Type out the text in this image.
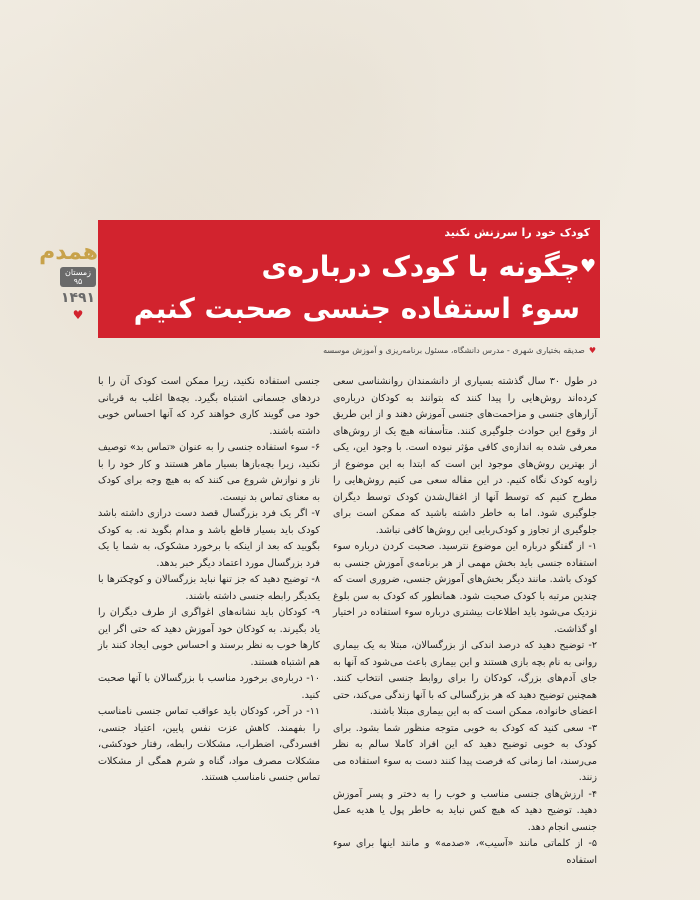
همدم
زمستان ۹۵
۱۴۹۱
♥
کودک خود را سرزنش نکنید
♥
چگونه با کودک درباره‌ی
سوء استفاده جنسی صحبت کنیم
♥صدیقه بختیاری شهری - مدرس دانشگاه، مسئول برنامه‌ریزی و آموزش موسسه

در طول ۳۰ سال گذشته بسیاری از دانشمندان روانشناسی سعی کرده‌اند روش‌هایی را پیدا کنند که بتوانند به کودکان درباره‌ی آزارهای جنسی و مزاحمت‌های جنسی آموزش دهند و از این طریق از وقوع این حوادث جلوگیری کنند. متأسفانه هیچ یک از روش‌های معرفی شده به اندازه‌ی کافی مؤثر نبوده است. با وجود این، یکی از بهترین روش‌های موجود این است که ابتدا به این موضوع از زاویه کودک نگاه کنیم. در این مقاله سعی می کنیم روش‌هایی را مطرح کنیم که توسط آنها از اغفال‌شدن کودک توسط دیگران جلوگیری شود. اما به خاطر داشته باشید که ممکن است برای جلوگیری از تجاوز و کودک‌ربایی این روش‌ها کافی نباشد.

۱- از گفتگو درباره این موضوع نترسید. صحبت کردن درباره سوء استفاده جنسی باید بخش مهمی از هر برنامه‌ی آموزش جنسی به کودک باشد. مانند دیگر بخش‌های آموزش جنسی، ضروری است که چندین مرتبه با کودک صحبت شود. همانطور که کودک به سن بلوغ نزدیک می‌شود باید اطلاعات بیشتری درباره سوء استفاده در اختیار او گذاشت.

۲- توضیح دهید که درصد اندکی از بزرگسالان، مبتلا به یک بیماری روانی به نام بچه بازی هستند و این بیماری باعث می‌شود که آنها به جای آدم‌های بزرگ، کودکان را برای روابط جنسی انتخاب کنند. همچنین توضیح دهید که هر بزرگسالی که با آنها زندگی می‌کند، حتی اعضای خانواده، ممکن است که به این بیماری مبتلا باشند.

۳- سعی کنید که کودک به خوبی متوجه منظور شما بشود. برای کودک به خوبی توضیح دهید که این افراد کاملا سالم به نظر می‌رسند، اما زمانی که فرصت پیدا کنند دست به سوء استفاده می زنند.

۴- ارزش‌های جنسی مناسب و خوب را به دختر و پسر آموزش دهید. توضیح دهید که هیچ کس نباید به خاطر پول یا هدیه عمل جنسی انجام دهد.

۵- از کلماتی مانند «آسیب»، «صدمه» و مانند اینها برای سوء استفاده

جنسی استفاده نکنید، زیرا ممکن است کودک آن را با دردهای جسمانی اشتباه بگیرد. بچه‌ها اغلب به قربانی خود می گویند کاری خواهند کرد که آنها احساس خوبی داشته باشند.

۶- سوء استفاده جنسی را به عنوان «تماس بد» توصیف نکنید، زیرا بچه‌بازها بسیار ماهر هستند و کار خود را با ناز و نوازش شروع می کنند که به هیچ وجه برای کودک به معنای تماس بد نیست.

۷- اگر یک فرد بزرگسال قصد دست درازی داشته باشد کودک باید بسیار قاطع باشد و مدام بگوید نه. به کودک بگویید که بعد از اینکه با برخورد مشکوک، به شما یا یک فرد بزرگسال مورد اعتماد دیگر خبر بدهد.

۸- توضیح دهید که جز تنها نباید بزرگسالان و کوچکترها با یکدیگر رابطه جنسی داشته باشند.

۹- کودکان باید نشانه‌های اغواگری از طرف دیگران را یاد بگیرند. به کودکان خود آموزش دهید که حتی اگر این کارها خوب به نظر برسند و احساس خوبی ایجاد کنند باز هم اشتباه هستند.

۱۰- درباره‌ی برخورد مناسب با بزرگسالان با آنها صحبت کنید.

۱۱- در آخر، کودکان باید عواقب تماس جنسی نامناسب را بفهمند. کاهش عزت نفس پایین، اعتیاد جنسی، افسردگی، اضطراب، مشکلات رابطه، رفتار خودکشی، مشکلات مصرف مواد، گناه و شرم همگی از مشکلات تماس جنسی نامناسب هستند.
